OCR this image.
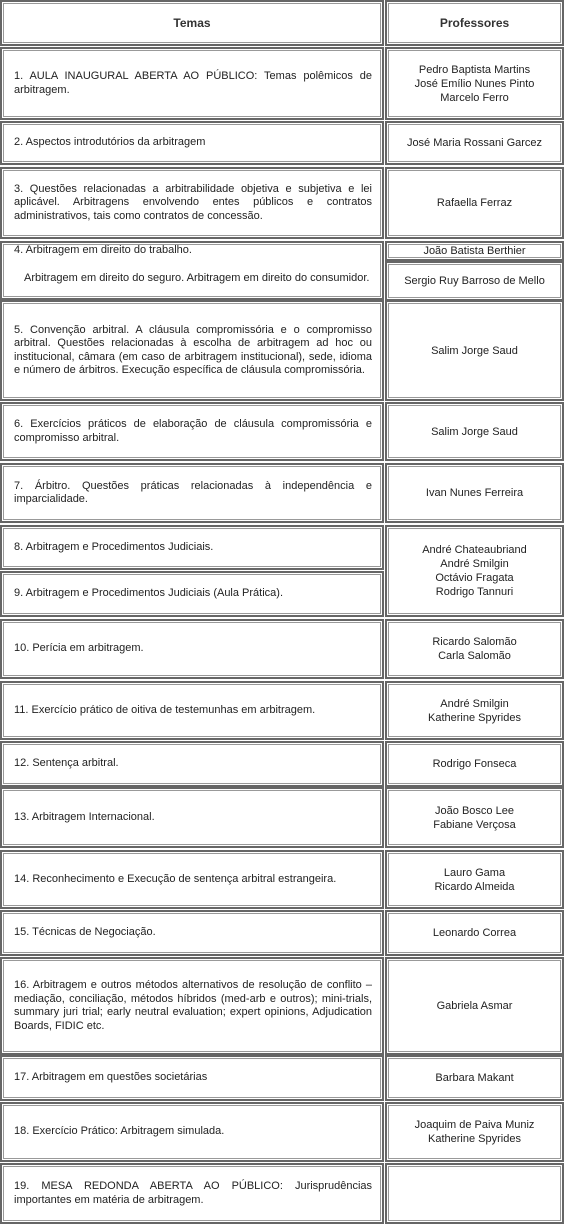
Temas	Professores
1. AULA INAUGURAL ABERTA AO PÚBLICO: Temas polêmicos de arbitragem.
2. Aspectos introdutórios da arbitragem
3. Questões relacionadas a arbitrabilidade objetiva e subjetiva e lei aplicável. Arbitragens envolvendo entes públicos e contratos administrativos, tais como contratos de concessão.
4. Arbitragem em direito do trabalho.
Arbitragem em direito do seguro. Arbitragem em direito do consumidor.
5. Convenção arbitral. A cláusula compromissória e o compromisso arbitral. Questões relacionadas à escolha de arbitragem ad hoc ou institucional, câmara (em caso de arbitragem institucional), sede, idioma e número de árbitros. Execução específica de cláusula compromissória.
6. Exercícios práticos de elaboração de cláusula compromissória e compromisso arbitral.
7. Árbitro. Questões práticas relacionadas à independência e imparcialidade.
8. Arbitragem e Procedimentos Judiciais.
9. Arbitragem e Procedimentos Judiciais (Aula Prática).
10. Perícia em arbitragem.
11. Exercício prático de oitiva de testemunhas em arbitragem.
12. Sentença arbitral.
13. Arbitragem Internacional.
14. Reconhecimento e Execução de sentença arbitral estrangeira.
15. Técnicas de Negociação.
16. Arbitragem e outros métodos alternativos de resolução de conflito – mediação, conciliação, métodos híbridos (med-arb e outros); mini-trials, summary juri trial; early neutral evaluation; expert opinions, Adjudication Boards, FIDIC etc.
17. Arbitragem em questões societárias
18. Exercício Prático: Arbitragem simulada.
19. MESA REDONDA ABERTA AO PÚBLICO: Jurisprudências importantes em matéria de arbitragem.
Pedro Baptista Martins
José Emílio Nunes Pinto
Marcelo Ferro
José Maria Rossani Garcez
Rafaella Ferraz
João Batista Berthier
Sergio Ruy Barroso de Mello
Salim Jorge Saud
Salim Jorge Saud
Ivan Nunes Ferreira
André Chateaubriand
André Smilgin
Octávio Fragata
Rodrigo Tannuri
Ricardo Salomão
Carla Salomão
André Smilgin
Katherine Spyrides
Rodrigo Fonseca
João Bosco Lee
Fabiane Verçosa
Lauro Gama
Ricardo Almeida
Leonardo Correa
Gabriela Asmar
Barbara Makant
Joaquim de Paiva Muniz
Katherine Spyrides
